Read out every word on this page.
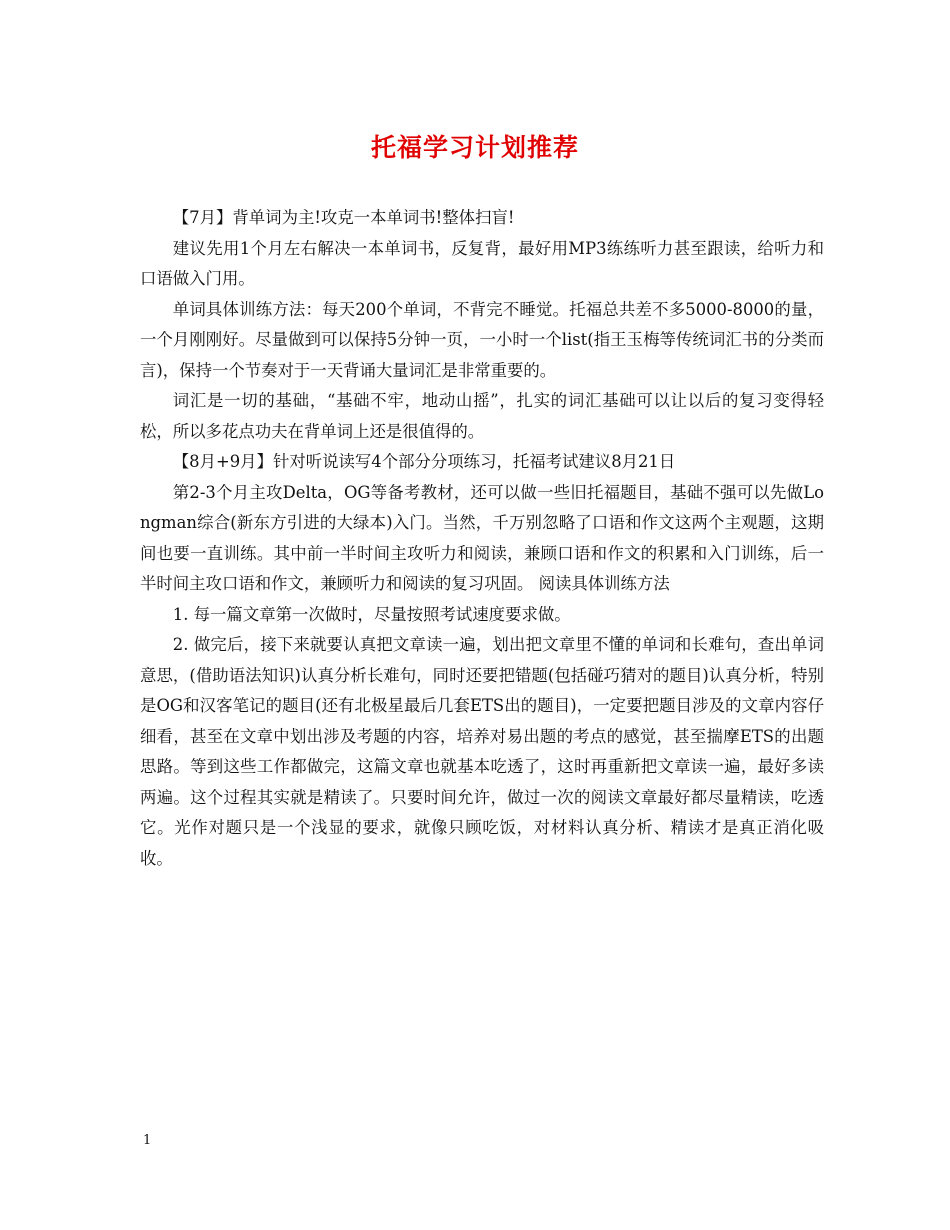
托福学习计划推荐

【7月】背单词为主!攻克一本单词书!整体扫盲!

建议先用1个月左右解决一本单词书，反复背，最好用MP3练练听力甚至跟读，给听力和口语做入门用。

单词具体训练方法：每天200个单词，不背完不睡觉。托福总共差不多5000-8000的量，一个月刚刚好。尽量做到可以保持5分钟一页，一小时一个list(指王玉梅等传统词汇书的分类而言)，保持一个节奏对于一天背诵大量词汇是非常重要的。

词汇是一切的基础，“基础不牢，地动山摇”，扎实的词汇基础可以让以后的复习变得轻松，所以多花点功夫在背单词上还是很值得的。

【8月+9月】针对听说读写4个部分分项练习，托福考试建议8月21日

第2-3个月主攻Delta，OG等备考教材，还可以做一些旧托福题目，基础不强可以先做Longman综合(新东方引进的大绿本)入门。当然，千万别忽略了口语和作文这两个主观题，这期间也要一直训练。其中前一半时间主攻听力和阅读，兼顾口语和作文的积累和入门训练，后一半时间主攻口语和作文，兼顾听力和阅读的复习巩固。 阅读具体训练方法

1. 每一篇文章第一次做时，尽量按照考试速度要求做。

2. 做完后，接下来就要认真把文章读一遍，划出把文章里不懂的单词和长难句，查出单词意思，(借助语法知识)认真分析长难句，同时还要把错题(包括碰巧猜对的题目)认真分析，特别是OG和汉客笔记的题目(还有北极星最后几套ETS出的题目)，一定要把题目涉及的文章内容仔细看，甚至在文章中划出涉及考题的内容，培养对易出题的考点的感觉，甚至揣摩ETS的出题思路。等到这些工作都做完，这篇文章也就基本吃透了，这时再重新把文章读一遍，最好多读两遍。这个过程其实就是精读了。只要时间允许，做过一次的阅读文章最好都尽量精读，吃透它。光作对题只是一个浅显的要求，就像只顾吃饭，对材料认真分析、精读才是真正消化吸收。

1
